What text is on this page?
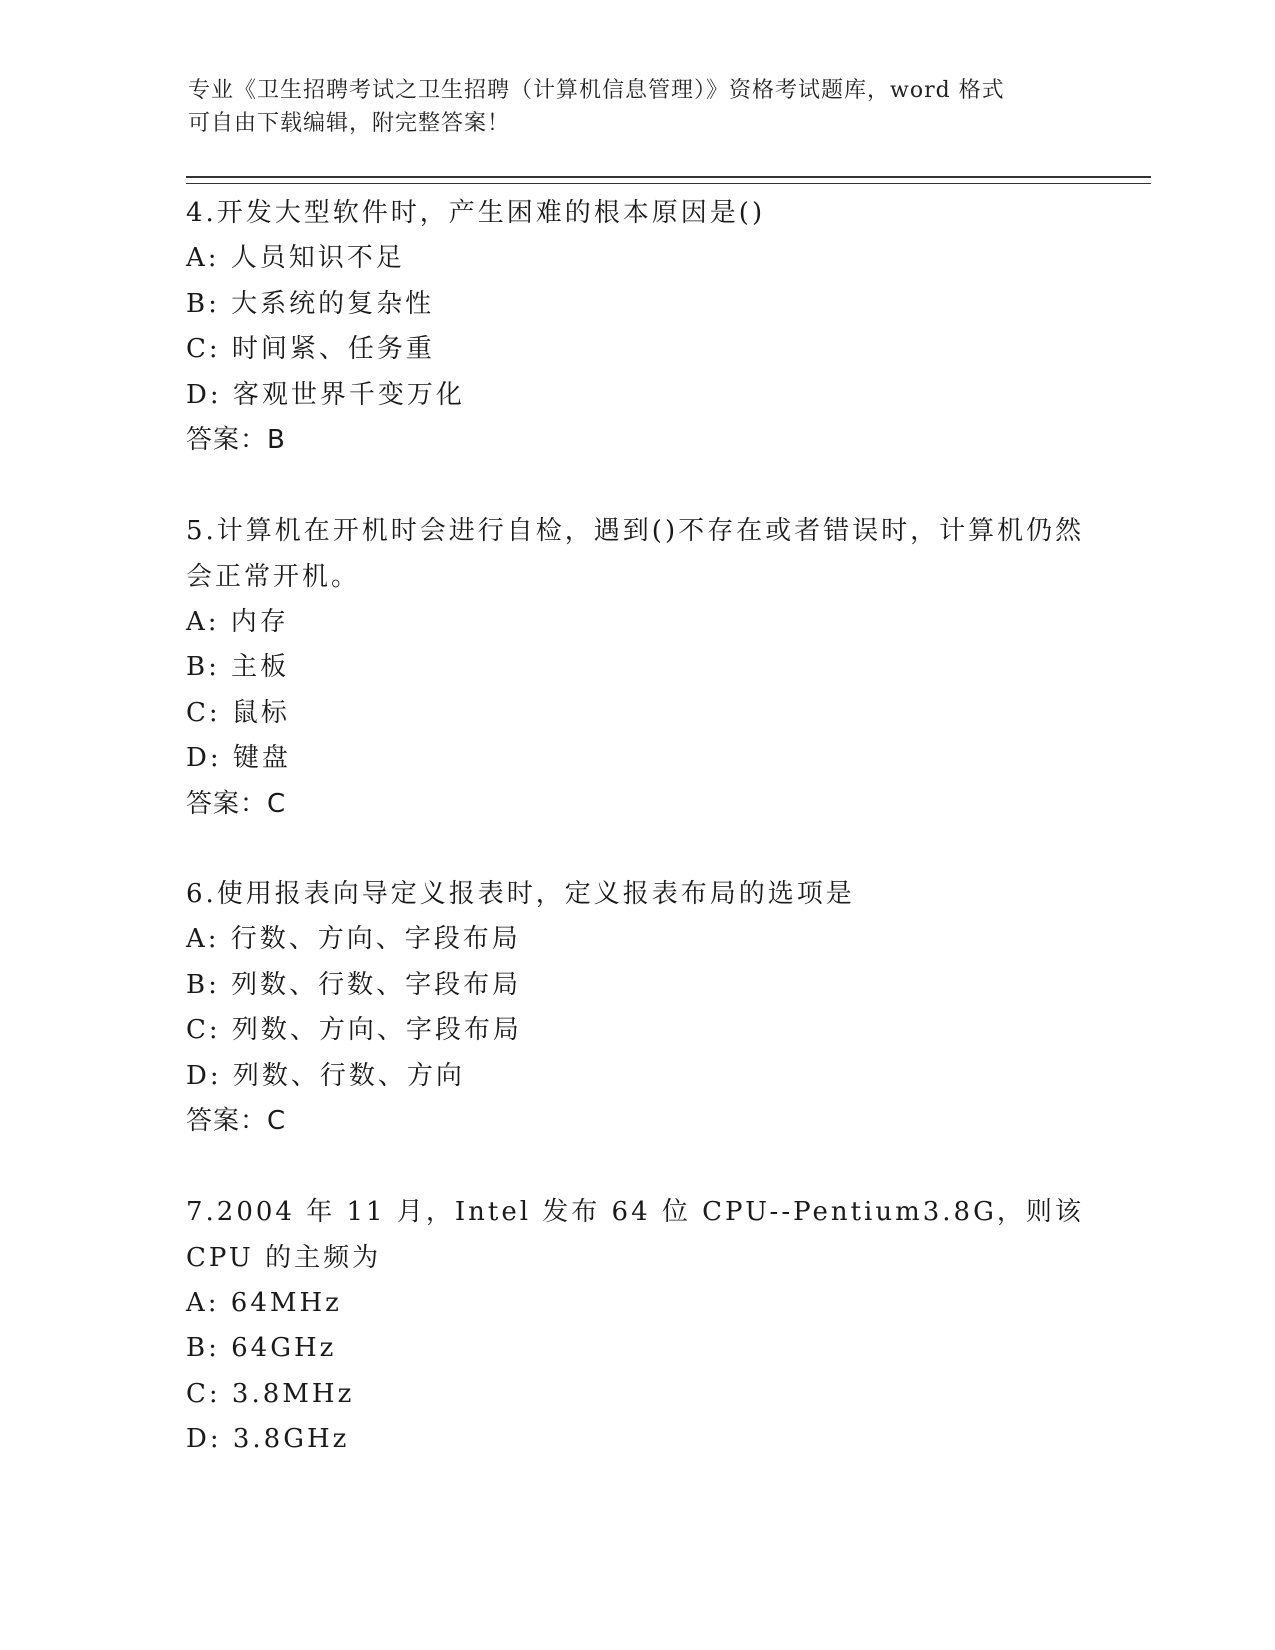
专业《卫生招聘考试之卫生招聘（计算机信息管理）》资格考试题库，word 格式
可自由下载编辑，附完整答案！
4.开发大型软件时，产生困难的根本原因是()
A: 人员知识不足
B: 大系统的复杂性
C: 时间紧、任务重
D: 客观世界千变万化
答案：B
5.计算机在开机时会进行自检，遇到()不存在或者错误时，计算机仍然会正常开机。
A: 内存
B: 主板
C: 鼠标
D: 键盘
答案：C
6.使用报表向导定义报表时，定义报表布局的选项是
A: 行数、方向、字段布局
B: 列数、行数、字段布局
C: 列数、方向、字段布局
D: 列数、行数、方向
答案：C
7.2004 年 11 月，Intel 发布 64 位 CPU--Pentium3.8G，则该 CPU 的主频为
A: 64MHz
B: 64GHz
C: 3.8MHz
D: 3.8GHz
